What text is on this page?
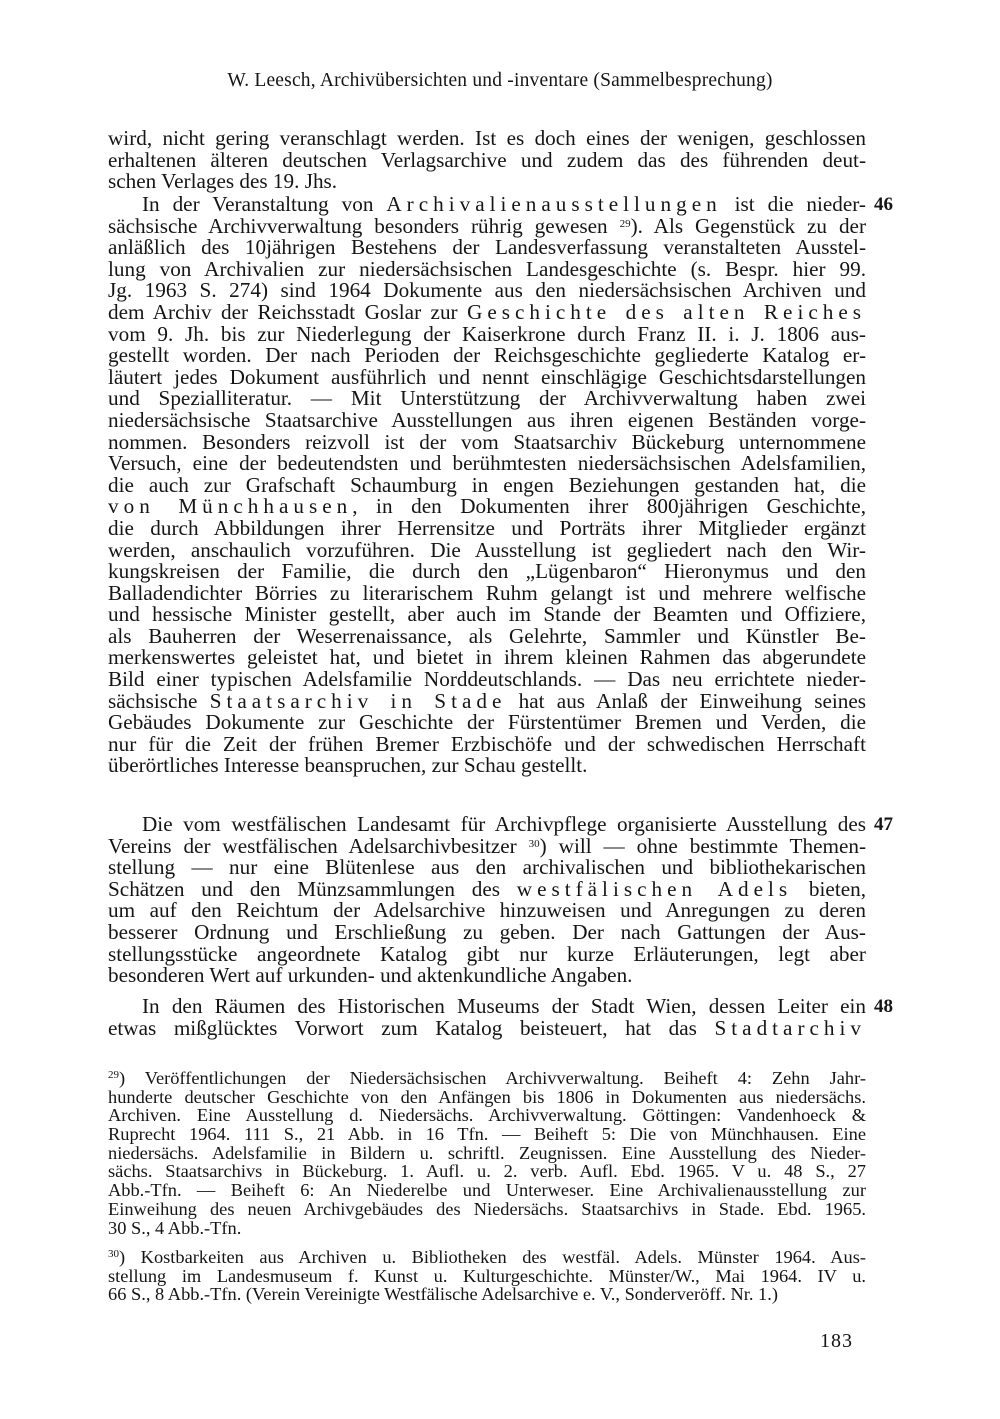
W. Leesch, Archivübersichten und -inventare (Sammelbesprechung)
wird, nicht gering veranschlagt werden. Ist es doch eines der wenigen, geschlossen
erhaltenen älteren deutschen Verlagsarchive und zudem das des führenden deut-
schen Verlages des 19. Jhs.
46
In der Veranstaltung von Archivalienausstellungen ist die nieder-
sächsische Archivverwaltung besonders rührig gewesen $^{29}$). Als Gegenstück zu der
anläßlich des 10jährigen Bestehens der Landesverfassung veranstalteten Ausstel-
lung von Archivalien zur niedersächsischen Landesgeschichte (s. Bespr. hier 99.
Jg. 1963 S. 274) sind 1964 Dokumente aus den niedersächsischen Archiven und
dem Archiv der Reichsstadt Goslar zur Geschichte des alten Reiches
vom 9. Jh. bis zur Niederlegung der Kaiserkrone durch Franz II. i. J. 1806 aus-
gestellt worden. Der nach Perioden der Reichsgeschichte gegliederte Katalog er-
läutert jedes Dokument ausführlich und nennt einschlägige Geschichtsdarstellungen
und Spezialliteratur. — Mit Unterstützung der Archivverwaltung haben zwei
niedersächsische Staatsarchive Ausstellungen aus ihren eigenen Beständen vorge-
nommen. Besonders reizvoll ist der vom Staatsarchiv Bückeburg unternommene
Versuch, eine der bedeutendsten und berühmtesten niedersächsischen Adelsfamilien,
die auch zur Grafschaft Schaumburg in engen Beziehungen gestanden hat, die
von Münchhausen, in den Dokumenten ihrer 800jährigen Geschichte,
die durch Abbildungen ihrer Herrensitze und Porträts ihrer Mitglieder ergänzt
werden, anschaulich vorzuführen. Die Ausstellung ist gegliedert nach den Wir-
kungskreisen der Familie, die durch den „Lügenbaron“ Hieronymus und den
Balladendichter Börries zu literarischem Ruhm gelangt ist und mehrere welfische
und hessische Minister gestellt, aber auch im Stande der Beamten und Offiziere,
als Bauherren der Weserrenaissance, als Gelehrte, Sammler und Künstler Be-
merkenswertes geleistet hat, und bietet in ihrem kleinen Rahmen das abgerundete
Bild einer typischen Adelsfamilie Norddeutschlands. — Das neu errichtete nieder-
sächsische Staatsarchiv in Stade hat aus Anlaß der Einweihung seines
Gebäudes Dokumente zur Geschichte der Fürstentümer Bremen und Verden, die
nur für die Zeit der frühen Bremer Erzbischöfe und der schwedischen Herrschaft
überörtliches Interesse beanspruchen, zur Schau gestellt.
47
Die vom westfälischen Landesamt für Archivpflege organisierte Ausstellung des
Vereins der westfälischen Adelsarchivbesitzer $^{30}$) will — ohne bestimmte Themen-
stellung — nur eine Blütenlese aus den archivalischen und bibliothekarischen
Schätzen und den Münzsammlungen des westfälischen Adels bieten,
um auf den Reichtum der Adelsarchive hinzuweisen und Anregungen zu deren
besserer Ordnung und Erschließung zu geben. Der nach Gattungen der Aus-
stellungsstücke angeordnete Katalog gibt nur kurze Erläuterungen, legt aber
besonderen Wert auf urkunden- und aktenkundliche Angaben.
48
In den Räumen des Historischen Museums der Stadt Wien, dessen Leiter ein
etwas mißglücktes Vorwort zum Katalog beisteuert, hat das Stadtarchiv
$^{29}$) Veröffentlichungen der Niedersächsischen Archivverwaltung. Beiheft 4: Zehn Jahr-
hunderte deutscher Geschichte von den Anfängen bis 1806 in Dokumenten aus niedersächs.
Archiven. Eine Ausstellung d. Niedersächs. Archivverwaltung. Göttingen: Vandenhoeck &
Ruprecht 1964. 111 S., 21 Abb. in 16 Tfn. — Beiheft 5: Die von Münchhausen. Eine
niedersächs. Adelsfamilie in Bildern u. schriftl. Zeugnissen. Eine Ausstellung des Nieder-
sächs. Staatsarchivs in Bückeburg. 1. Aufl. u. 2. verb. Aufl. Ebd. 1965. V u. 48 S., 27
Abb.-Tfn. — Beiheft 6: An Niederelbe und Unterweser. Eine Archivalienausstellung zur
Einweihung des neuen Archivgebäudes des Niedersächs. Staatsarchivs in Stade. Ebd. 1965.
30 S., 4 Abb.-Tfn.
$^{30}$) Kostbarkeiten aus Archiven u. Bibliotheken des westfäl. Adels. Münster 1964. Aus-
stellung im Landesmuseum f. Kunst u. Kulturgeschichte. Münster/W., Mai 1964. IV u.
66 S., 8 Abb.-Tfn. (Verein Vereinigte Westfälische Adelsarchive e. V., Sonderveröff. Nr. 1.)
183
